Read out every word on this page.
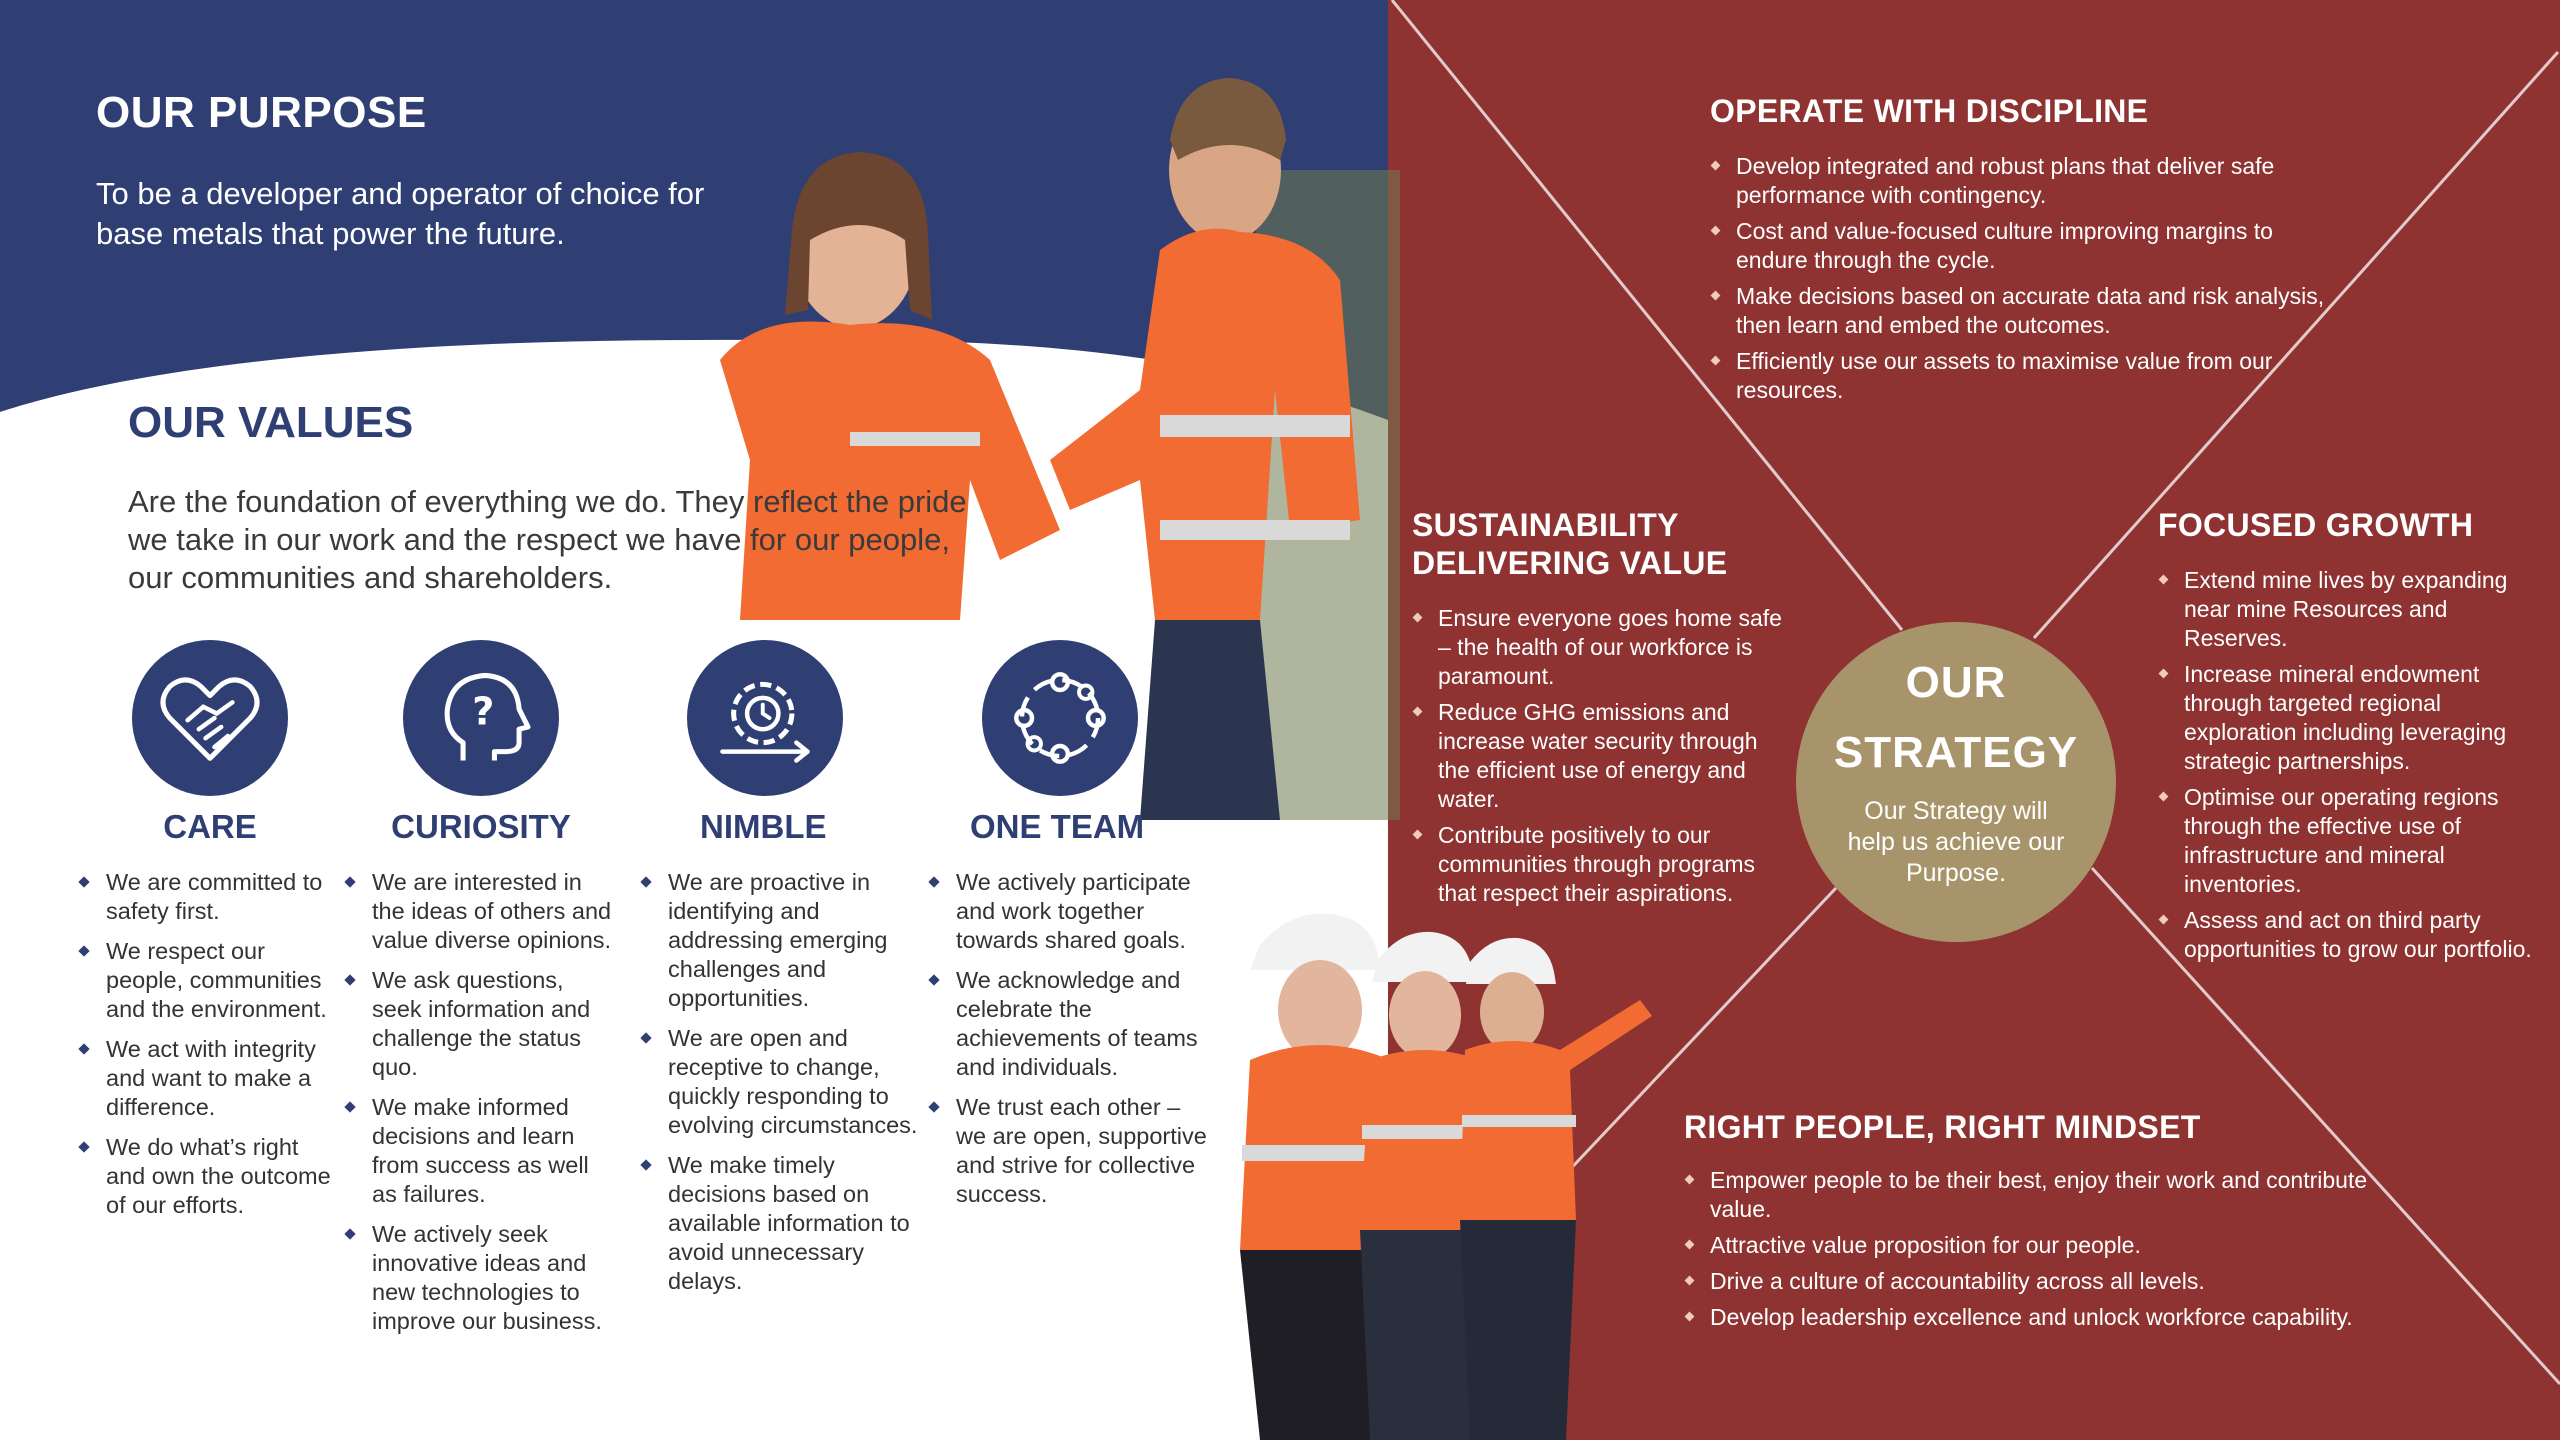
OUR PURPOSE
To be a developer and operator of choice for base metals that power the future.
OUR VALUES
Are the foundation of everything we do. They reflect the pride we take in our work and the respect we have for our people, our communities and shareholders.
CARE
We are committed to safety first.
We respect our people, communities and the environment.
We act with integrity and want to make a difference.
We do what’s right and own the outcome of our efforts.
?
CURIOSITY
We are interested in the ideas of others and value diverse opinions.
We ask questions, seek information and challenge the status quo.
We make informed decisions and learn from success as well as failures.
We actively seek innovative ideas and new technologies to improve our business.
NIMBLE
We are proactive in identifying and addressing emerging challenges and opportunities.
We are open and receptive to change, quickly responding to evolving circumstances.
We make timely decisions based on available information to avoid unnecessary delays.
ONE TEAM
We actively participate and work together towards shared goals.
We acknowledge and celebrate the achievements of teams and individuals.
We trust each other – we are open, supportive and strive for collective success.
OPERATE WITH DISCIPLINE
Develop integrated and robust plans that deliver safe performance with contingency.
Cost and value-focused culture improving margins to endure through the cycle.
Make decisions based on accurate data and risk analysis, then learn and embed the outcomes.
Efficiently use our assets to maximise value from our resources.
SUSTAINABILITY
DELIVERING VALUE
Ensure everyone goes home safe – the health of our workforce is paramount.
Reduce GHG emissions and increase water security through the efficient use of energy and water.
Contribute positively to our communities through programs that respect their aspirations.
FOCUSED GROWTH
Extend mine lives by expanding near mine Resources and Reserves.
Increase mineral endowment through targeted regional exploration including leveraging strategic partnerships.
Optimise our operating regions through the effective use of infrastructure and mineral inventories.
Assess and act on third party opportunities to grow our portfolio.
RIGHT PEOPLE, RIGHT MINDSET
Empower people to be their best, enjoy their work and contribute value.
Attractive value proposition for our people.
Drive a culture of accountability across all levels.
Develop leadership excellence and unlock workforce capability.
OUR
STRATEGY
Our Strategy will help us achieve our Purpose.
